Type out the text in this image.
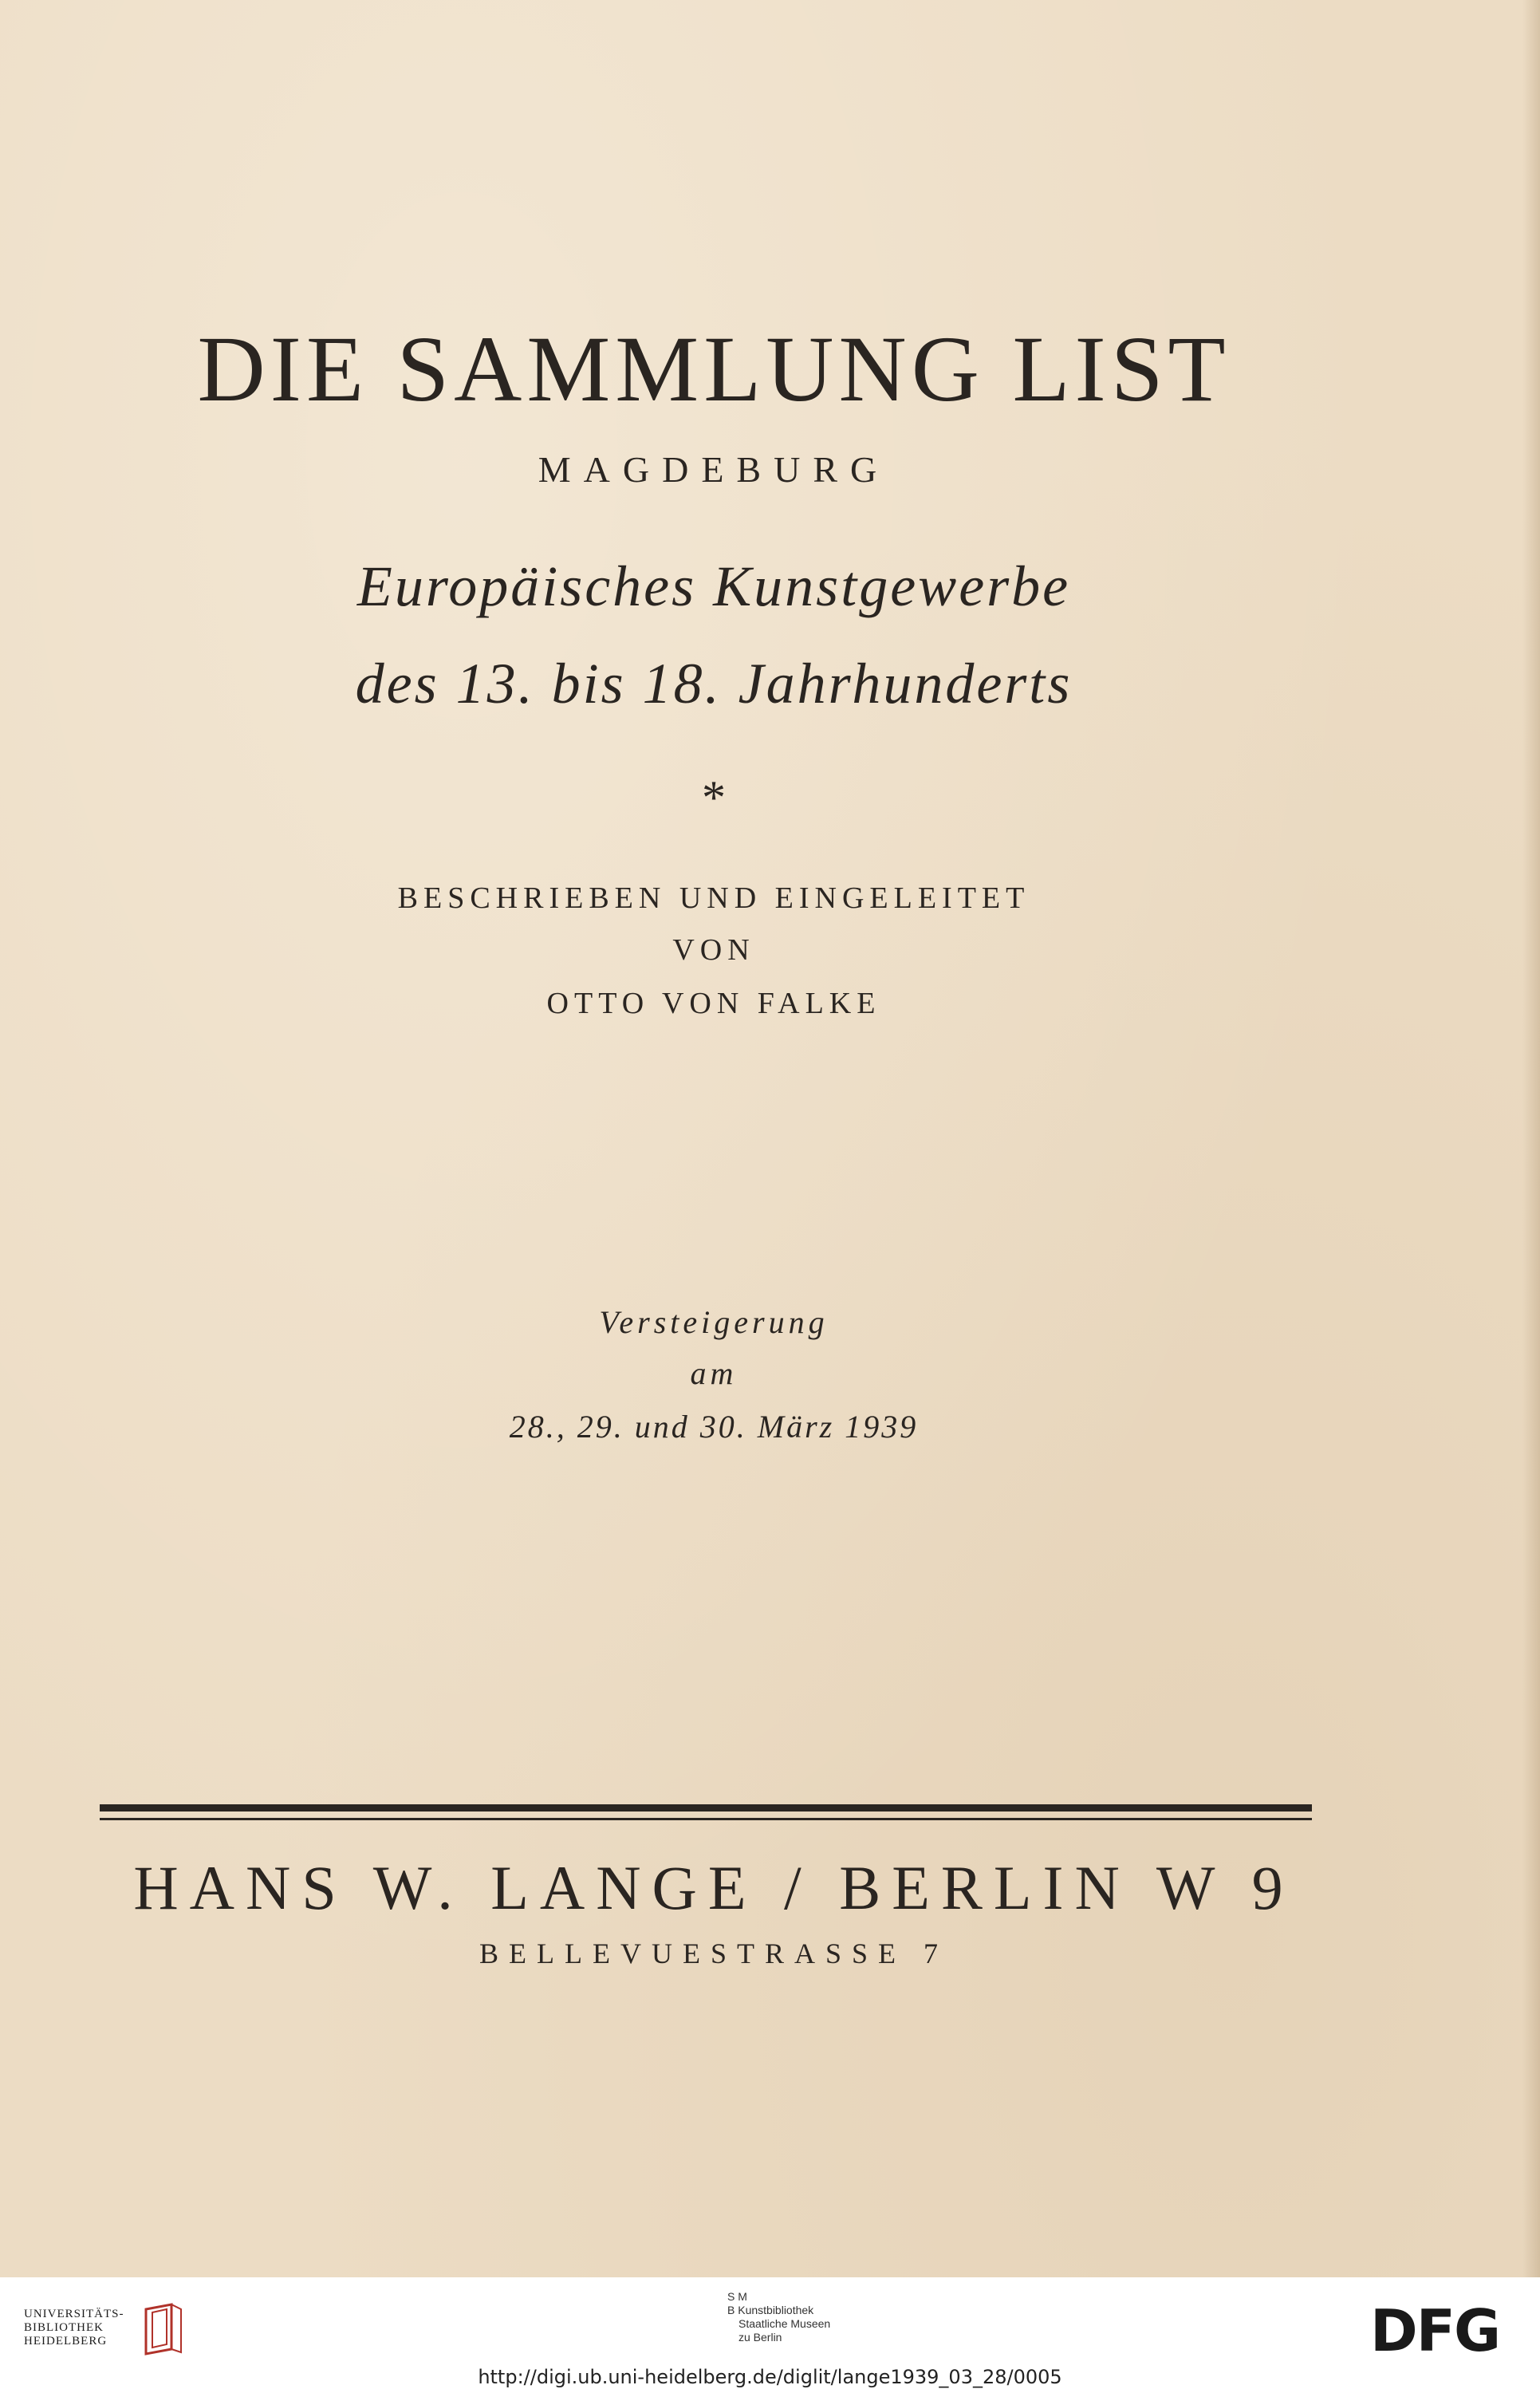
DIE SAMMLUNG LIST
MAGDEBURG
Europäisches Kunstgewerbe
des 13. bis 18. Jahrhunderts
*
BESCHRIEBEN UND EINGELEITET
VON
OTTO VON FALKE
Versteigerung
am
28., 29. und 30. März 1939
HANS W. LANGE / BERLIN W 9
BELLEVUESTRASSE 7
UNIVERSITÄTS-
BIBLIOTHEK
HEIDELBERG
S M
B Kunstbibliothek
Staatliche Museen
zu Berlin	DFG
http://digi.ub.uni-heidelberg.de/diglit/lange1939_03_28/0005
